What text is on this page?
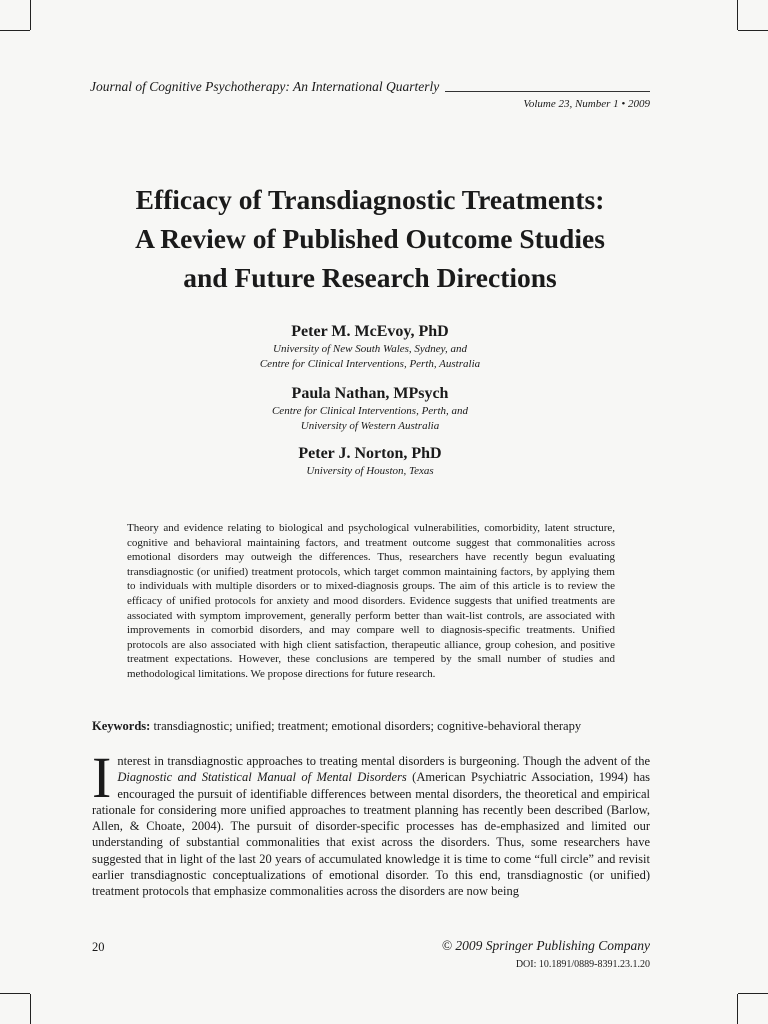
Journal of Cognitive Psychotherapy: An International Quarterly
Volume 23, Number 1 • 2009
Efficacy of Transdiagnostic Treatments:
A Review of Published Outcome Studies
and Future Research Directions
Peter M. McEvoy, PhD
University of New South Wales, Sydney, and
Centre for Clinical Interventions, Perth, Australia
Paula Nathan, MPsych
Centre for Clinical Interventions, Perth, and
University of Western Australia
Peter J. Norton, PhD
University of Houston, Texas
Theory and evidence relating to biological and psychological vulnerabilities, comorbidity, latent structure, cognitive and behavioral maintaining factors, and treatment outcome suggest that commonalities across emotional disorders may outweigh the differences. Thus, researchers have recently begun evaluating transdiagnostic (or unified) treatment protocols, which target common maintaining factors, by applying them to individuals with multiple disorders or to mixed-diagnosis groups. The aim of this article is to review the efficacy of unified protocols for anxiety and mood disorders. Evidence suggests that unified treatments are associated with symptom improvement, generally perform better than wait-list controls, are associated with improvements in comorbid disorders, and may compare well to diagnosis-specific treatments. Unified protocols are also associated with high client satisfaction, therapeutic alliance, group cohesion, and positive treatment expectations. However, these conclusions are tempered by the small number of studies and methodological limitations. We propose directions for future research.
Keywords: transdiagnostic; unified; treatment; emotional disorders; cognitive-behavioral therapy
Interest in transdiagnostic approaches to treating mental disorders is burgeoning. Though the advent of the Diagnostic and Statistical Manual of Mental Disorders (American Psychiatric Association, 1994) has encouraged the pursuit of identifiable differences between mental disorders, the theoretical and empirical rationale for considering more unified approaches to treatment planning has recently been described (Barlow, Allen, & Choate, 2004). The pursuit of disorder-specific processes has de-emphasized and limited our understanding of substantial commonalities that exist across the disorders. Thus, some researchers have suggested that in light of the last 20 years of accumulated knowledge it is time to come “full circle” and revisit earlier transdiagnostic conceptualizations of emotional disorder. To this end, transdiagnostic (or unified) treatment protocols that emphasize commonalities across the disorders are now being
20	© 2009 Springer Publishing Company
DOI: 10.1891/0889-8391.23.1.20
